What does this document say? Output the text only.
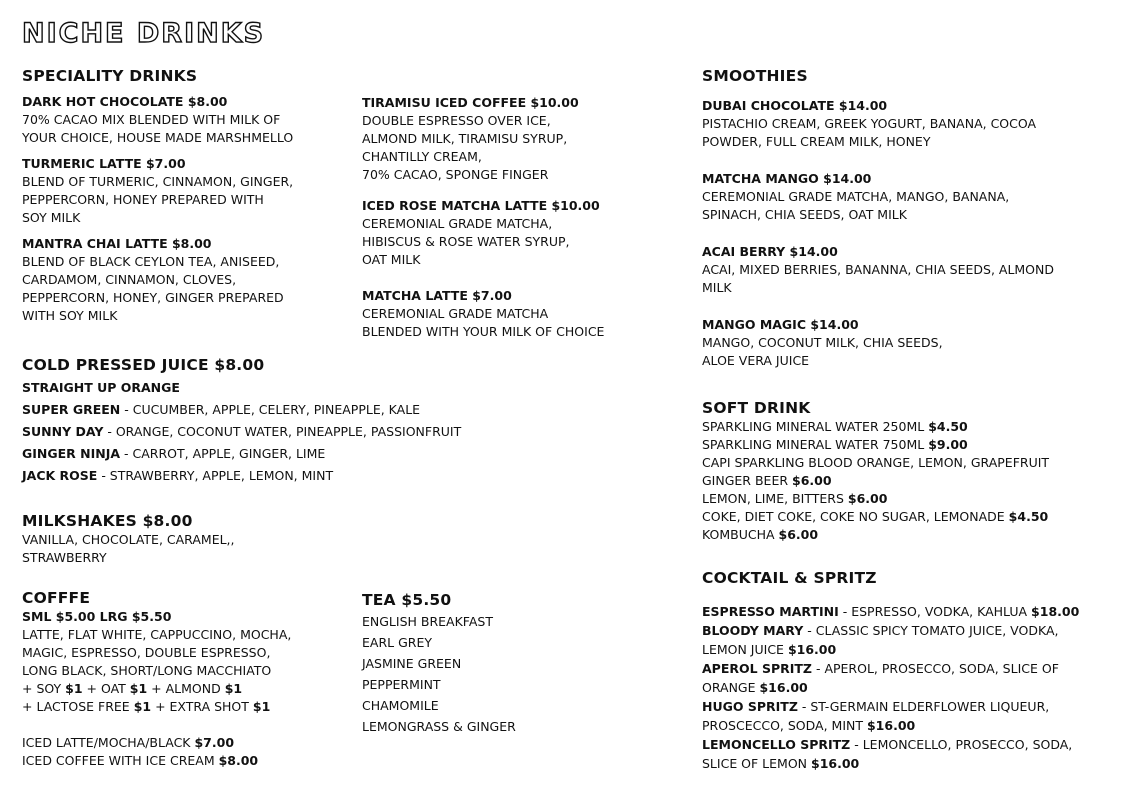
NICHE DRINKS
SPECIALITY DRINKS
DARK HOT CHOCOLATE $8.00
70% CACAO MIX BLENDED WITH MILK OF
YOUR CHOICE, HOUSE MADE MARSHMELLO
TURMERIC LATTE $7.00
BLEND OF TURMERIC, CINNAMON, GINGER,
PEPPERCORN, HONEY PREPARED WITH
SOY MILK
MANTRA CHAI LATTE $8.00
BLEND OF BLACK CEYLON TEA, ANISEED,
CARDAMOM, CINNAMON, CLOVES,
PEPPERCORN, HONEY, GINGER PREPARED
WITH SOY MILK
TIRAMISU ICED COFFEE $10.00
DOUBLE ESPRESSO OVER ICE,
ALMOND MILK, TIRAMISU SYRUP,
CHANTILLY CREAM,
70% CACAO, SPONGE FINGER
ICED ROSE MATCHA LATTE $10.00
CEREMONIAL GRADE MATCHA,
HIBISCUS & ROSE WATER SYRUP,
OAT MILK
MATCHA LATTE $7.00
CEREMONIAL GRADE MATCHA
BLENDED WITH YOUR MILK OF CHOICE
COLD PRESSED JUICE $8.00
STRAIGHT UP ORANGE
SUPER GREEN - CUCUMBER, APPLE, CELERY, PINEAPPLE, KALE
SUNNY DAY - ORANGE, COCONUT WATER, PINEAPPLE, PASSIONFRUIT
GINGER NINJA - CARROT, APPLE, GINGER, LIME
JACK ROSE - STRAWBERRY, APPLE, LEMON, MINT
MILKSHAKES $8.00
VANILLA, CHOCOLATE, CARAMEL,,
STRAWBERRY
COFFFE
SML $5.00 LRG $5.50
LATTE, FLAT WHITE, CAPPUCCINO, MOCHA,
MAGIC, ESPRESSO, DOUBLE ESPRESSO,
LONG BLACK, SHORT/LONG MACCHIATO
+ SOY $1 + OAT $1 + ALMOND $1
+ LACTOSE FREE $1 + EXTRA SHOT $1
ICED LATTE/MOCHA/BLACK $7.00
ICED COFFEE WITH ICE CREAM $8.00
TEA $5.50
ENGLISH BREAKFAST
EARL GREY
JASMINE GREEN
PEPPERMINT
CHAMOMILE
LEMONGRASS & GINGER
SMOOTHIES
DUBAI CHOCOLATE $14.00
PISTACHIO CREAM, GREEK YOGURT, BANANA, COCOA
POWDER, FULL CREAM MILK, HONEY
MATCHA MANGO $14.00
CEREMONIAL GRADE MATCHA, MANGO, BANANA,
SPINACH, CHIA SEEDS, OAT MILK
ACAI BERRY $14.00
ACAI, MIXED BERRIES, BANANNA, CHIA SEEDS, ALMOND
MILK
MANGO MAGIC $14.00
MANGO, COCONUT MILK, CHIA SEEDS,
ALOE VERA JUICE
SOFT DRINK
SPARKLING MINERAL WATER 250ML $4.50
SPARKLING MINERAL WATER 750ML $9.00
CAPI SPARKLING BLOOD ORANGE, LEMON, GRAPEFRUIT
GINGER BEER $6.00
LEMON, LIME, BITTERS $6.00
COKE, DIET COKE, COKE NO SUGAR, LEMONADE $4.50
KOMBUCHA $6.00
COCKTAIL & SPRITZ
ESPRESSO MARTINI - ESPRESSO, VODKA, KAHLUA $18.00
BLOODY MARY - CLASSIC SPICY TOMATO JUICE, VODKA,
LEMON JUICE $16.00
APEROL SPRITZ - APEROL, PROSECCO, SODA, SLICE OF
ORANGE $16.00
HUGO SPRITZ - ST-GERMAIN ELDERFLOWER LIQUEUR,
PROSCECCO, SODA, MINT $16.00
LEMONCELLO SPRITZ - LEMONCELLO, PROSECCO, SODA,
SLICE OF LEMON $16.00
